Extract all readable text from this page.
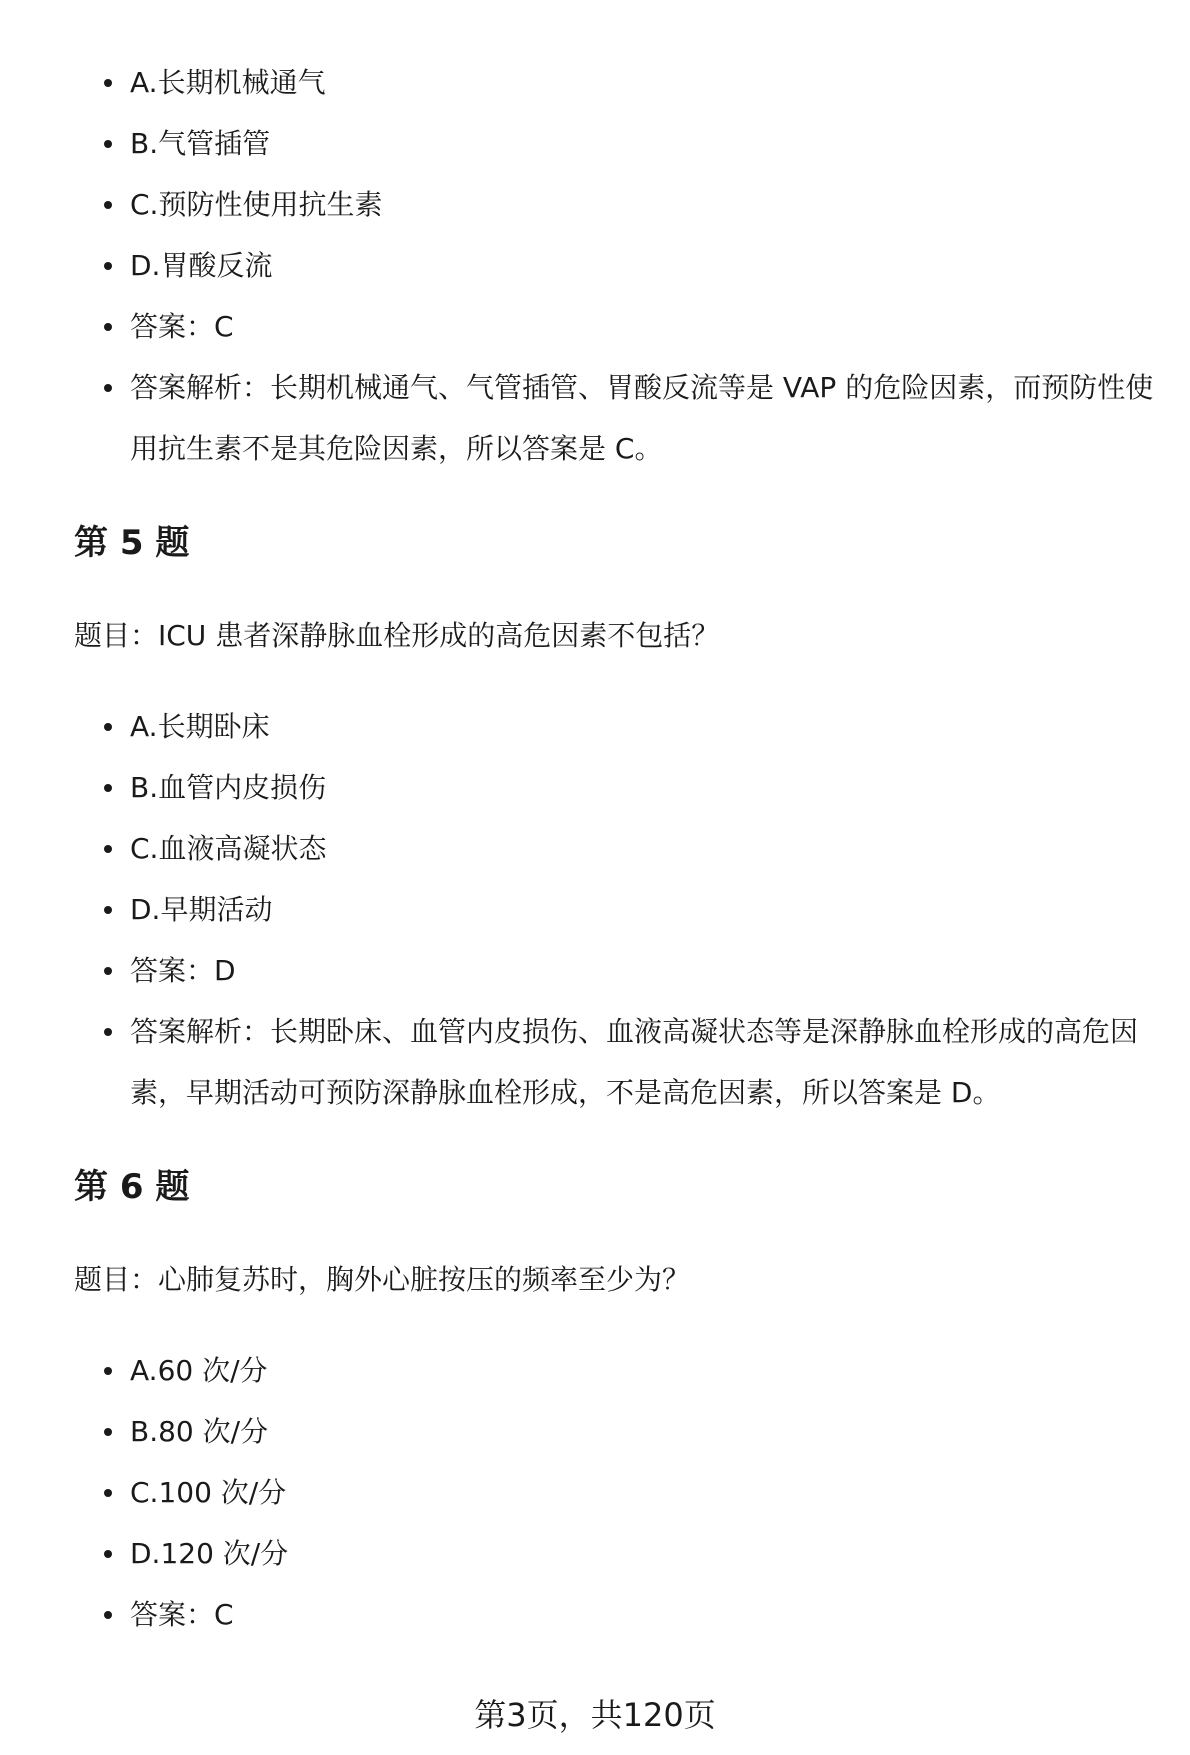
A.长期机械通气
B.气管插管
C.预防性使用抗生素
D.胃酸反流
答案：C
答案解析：长期机械通气、气管插管、胃酸反流等是 VAP 的危险因素，而预防性使用抗生素不是其危险因素，所以答案是 C。
第 5 题

题目：ICU 患者深静脉血栓形成的高危因素不包括？

A.长期卧床
B.血管内皮损伤
C.血液高凝状态
D.早期活动
答案：D
答案解析：长期卧床、血管内皮损伤、血液高凝状态等是深静脉血栓形成的高危因素，早期活动可预防深静脉血栓形成，不是高危因素，所以答案是 D。
第 6 题

题目：心肺复苏时，胸外心脏按压的频率至少为？

A.60 次/分
B.80 次/分
C.100 次/分
D.120 次/分
答案：C
第3页，共120页
